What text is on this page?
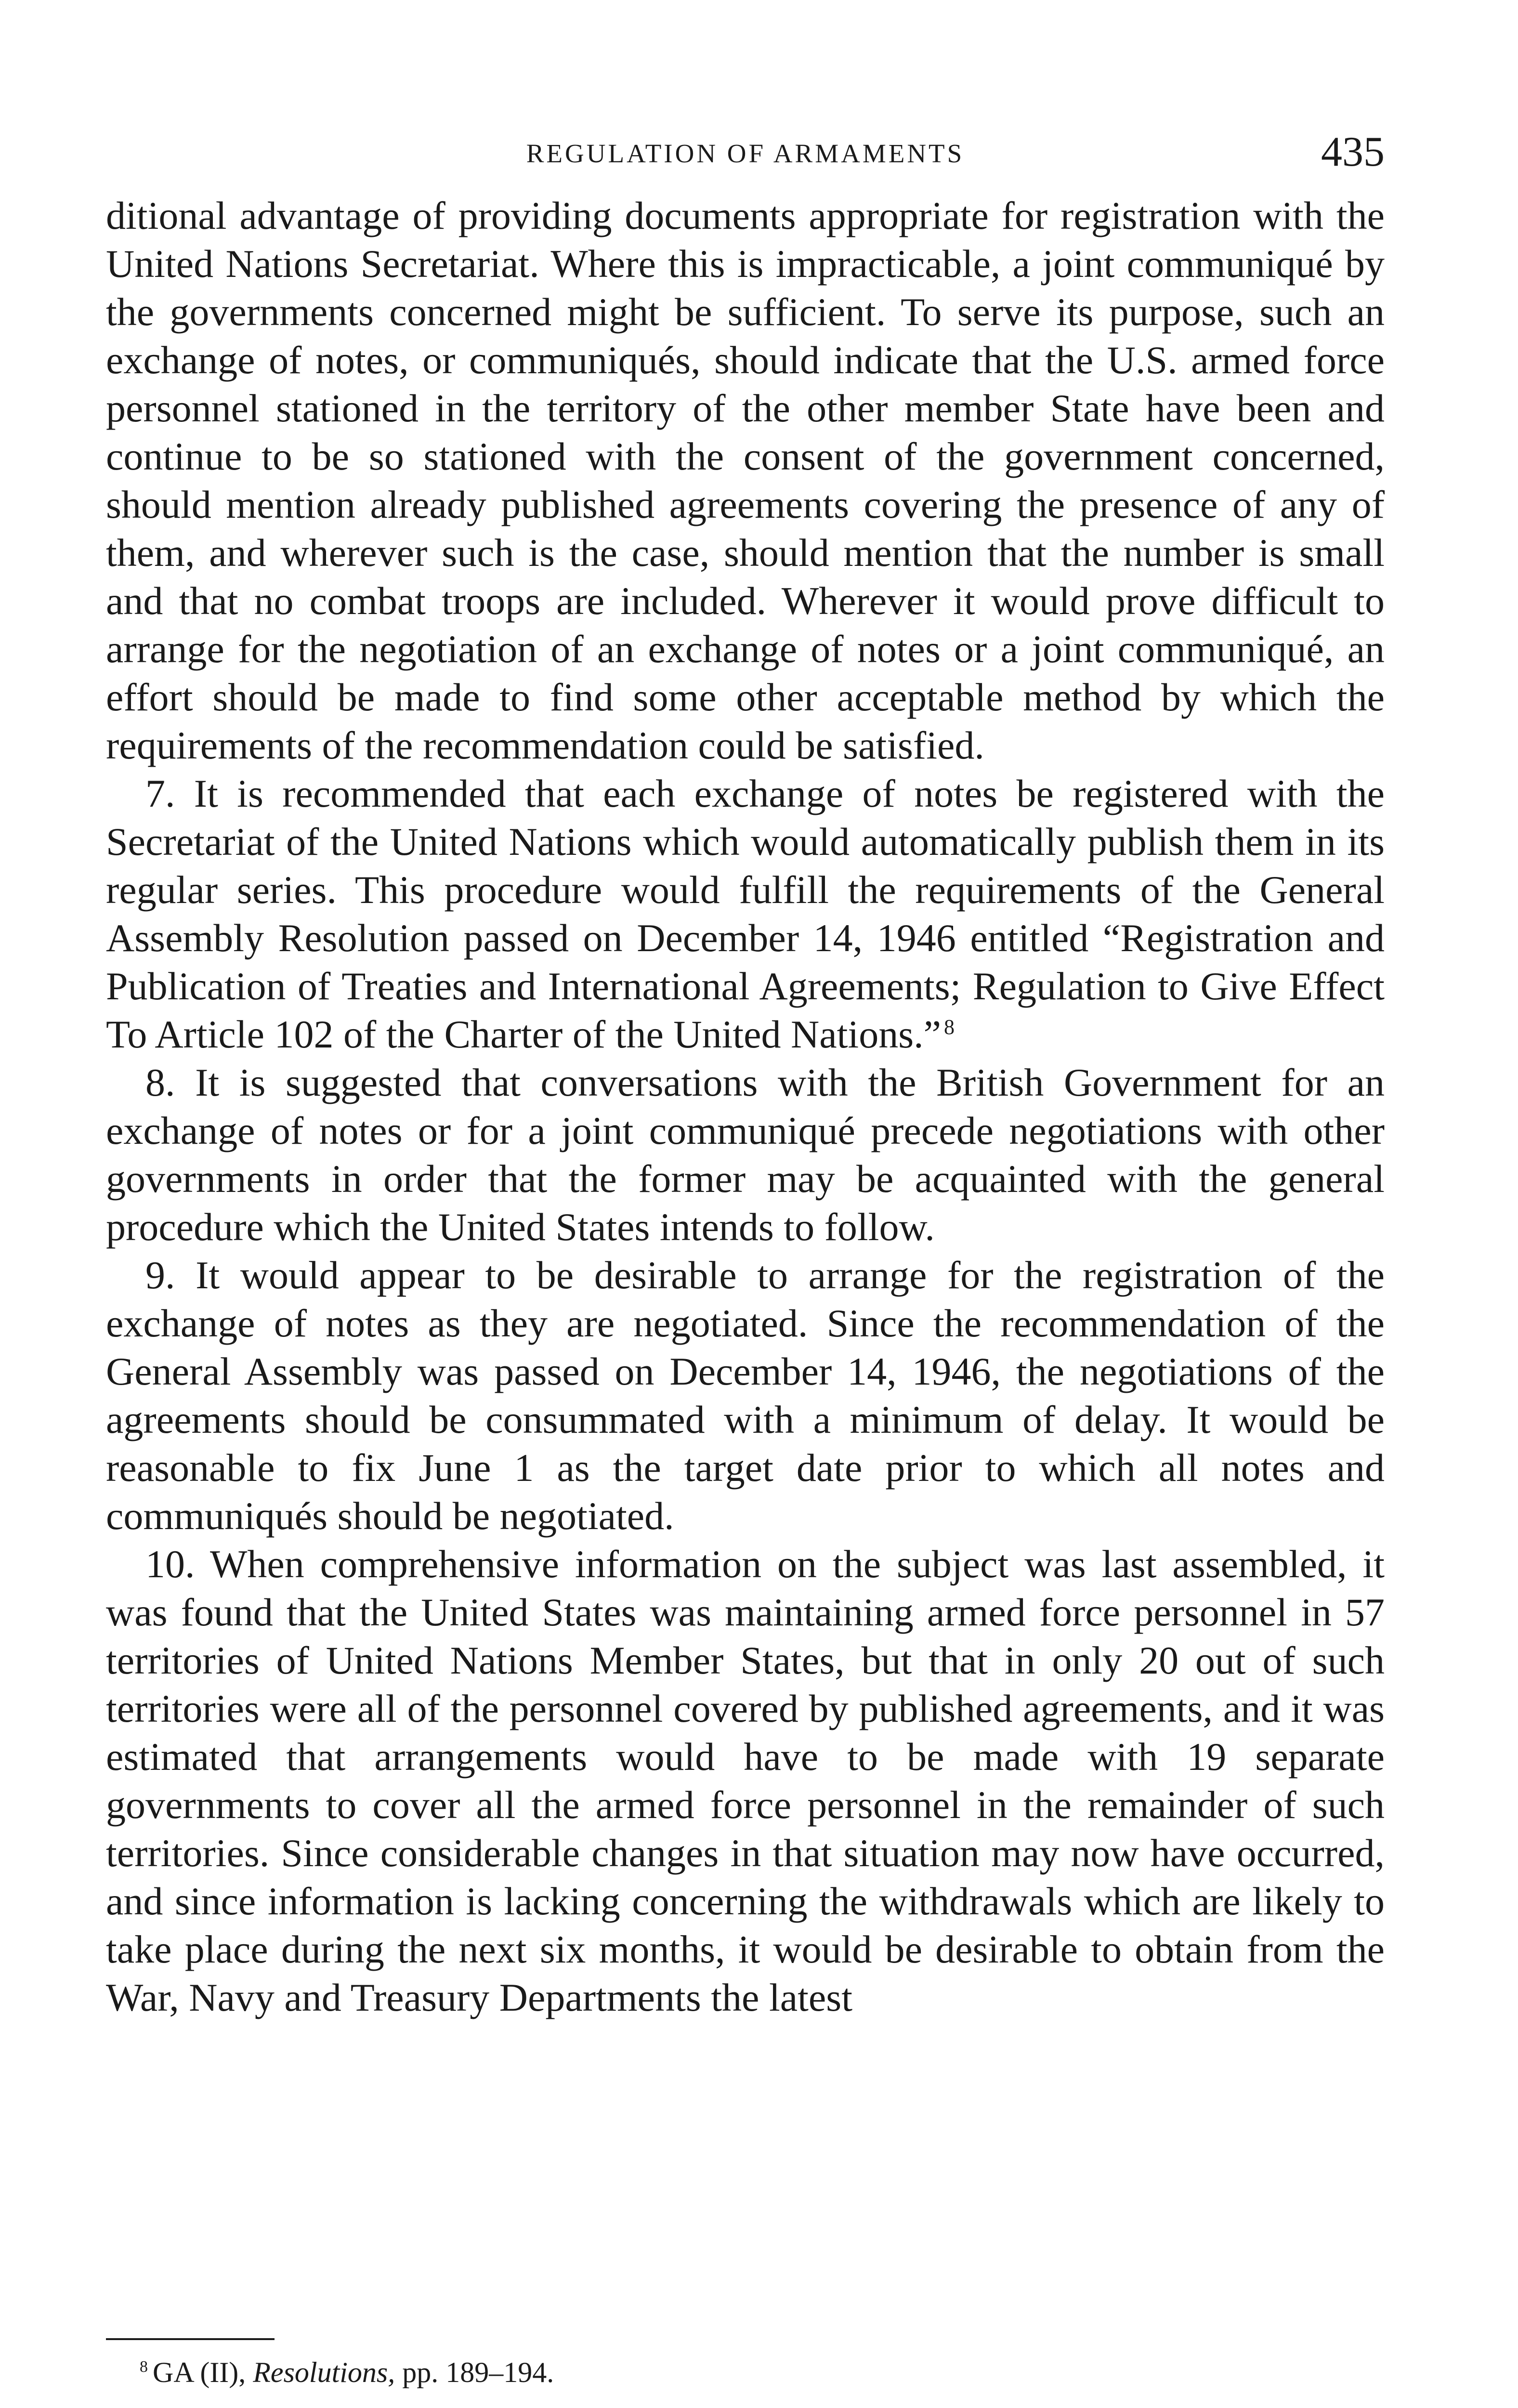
REGULATION OF ARMAMENTS	435

ditional advantage of providing documents appropriate for registration with the United Nations Secretariat. Where this is impracticable, a joint communiqué by the governments concerned might be sufficient. To serve its purpose, such an exchange of notes, or communiqués, should indicate that the U.S. armed force personnel stationed in the territory of the other member State have been and continue to be so stationed with the consent of the government concerned, should mention already published agreements covering the presence of any of them, and wherever such is the case, should mention that the number is small and that no combat troops are included. Wherever it would prove difficult to arrange for the negotiation of an exchange of notes or a joint communiqué, an effort should be made to find some other acceptable method by which the requirements of the recommendation could be satisfied.

7. It is recommended that each exchange of notes be registered with the Secretariat of the United Nations which would automatically publish them in its regular series. This procedure would fulfill the requirements of the General Assembly Resolution passed on December 14, 1946 entitled “Registration and Publication of Treaties and International Agreements; Regulation to Give Effect To Article 102 of the Charter of the United Nations.” $^8$

8. It is suggested that conversations with the British Government for an exchange of notes or for a joint communiqué precede negotiations with other governments in order that the former may be acquainted with the general procedure which the United States intends to follow.

9. It would appear to be desirable to arrange for the registration of the exchange of notes as they are negotiated. Since the recommendation of the General Assembly was passed on December 14, 1946, the negotiations of the agreements should be consummated with a minimum of delay. It would be reasonable to fix June 1 as the target date prior to which all notes and communiqués should be negotiated.

10. When comprehensive information on the subject was last assembled, it was found that the United States was maintaining armed force personnel in 57 territories of United Nations Member States, but that in only 20 out of such territories were all of the personnel covered by published agreements, and it was estimated that arrangements would have to be made with 19 separate governments to cover all the armed force personnel in the remainder of such territories. Since considerable changes in that situation may now have occurred, and since information is lacking concerning the withdrawals which are likely to take place during the next six months, it would be desirable to obtain from the War, Navy and Treasury Departments the latest

$^8$ GA (II), Resolutions, pp. 189–194.
